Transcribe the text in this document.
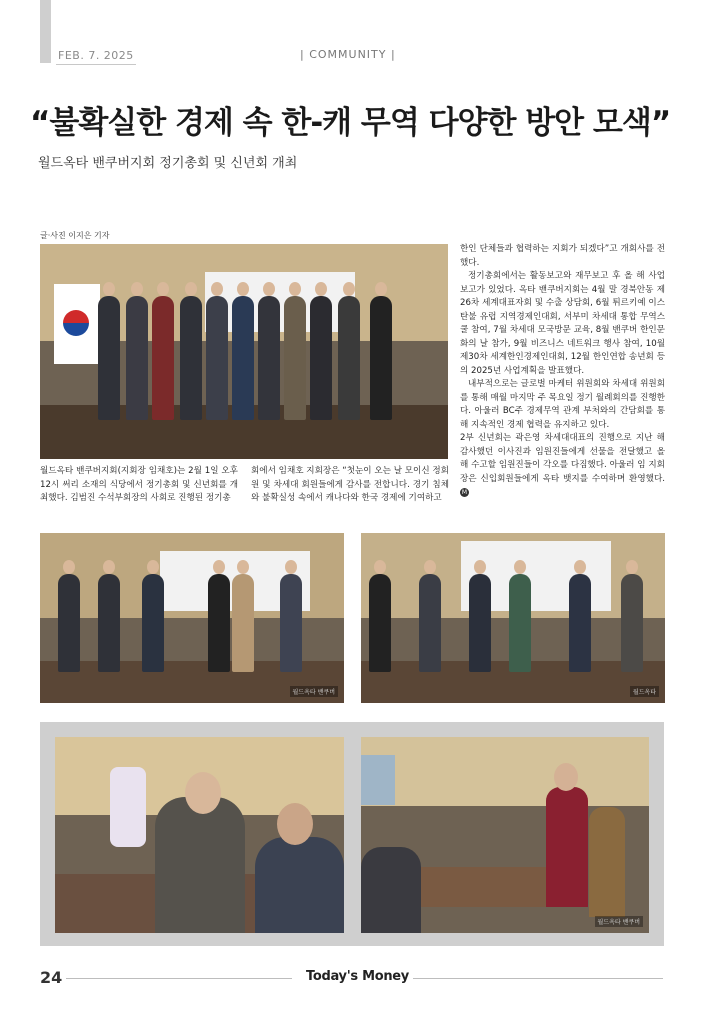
FEB. 7. 2025	| COMMUNITY |
“불확실한 경제 속 한-캐 무역 다양한 방안 모색”
월드옥타 밴쿠버지회 정기총회 및 신년회 개최
글·사진 이지은 기자
월드옥타 밴쿠버지회(지회장 임채호)는 2월 1일 오후 12시 써리 소재의 식당에서 정기총회 및 신년회를 개최했다. 김범진 수석부회장의 사회로 진행된 정기총
회에서 임채호 지회장은 “첫눈이 오는 날 모이신 정회원 및 차세대 회원들에게 감사를 전합니다. 경기 침체와 불확실성 속에서 캐나다와 한국 경제에 기여하고
한인 단체들과 협력하는 지회가 되겠다”고 개회사를 전했다.
정기총회에서는 활동보고와 재무보고 후 올 해 사업보고가 있었다. 옥타 밴쿠버지회는 4월 말 경북안동 제 26차 세계대표자회 및 수출 상담회, 6월 튀르키예 이스탄불 유럽 지역경제인대회, 서부미 차세대 통합 무역스쿨 참여, 7월 차세대 모국방문 교육, 8월 밴쿠버 한인문화의 날 참가, 9월 비즈니스 네트워크 행사 참여, 10월 제30차 세계한인경제인대회, 12월 한인연합 송년회 등의 2025년 사업계획을 발표했다.
내부적으로는 글로벌 마케터 위원회와 차세대 위원회를 통해 매월 마지막 주 목요일 정기 월례회의를 진행한다. 아울러 BC주 경제무역 관계 부처와의 간담회를 통해 지속적인 경제 협력을 유지하고 있다.
2부 신년회는 곽은영 차세대대표의 진행으로 지난 해 감사했던 이사진과 임원진들에게 선물을 전달했고 올 해 수고할 임원진들이 각오를 다짐했다. 아울러 임 지회장은 신입회원들에게 옥타 뱃지를 수여하며 환영했다. M
월드옥타 밴쿠버	월드옥타
월드옥타 밴쿠버
24	Today's Money
